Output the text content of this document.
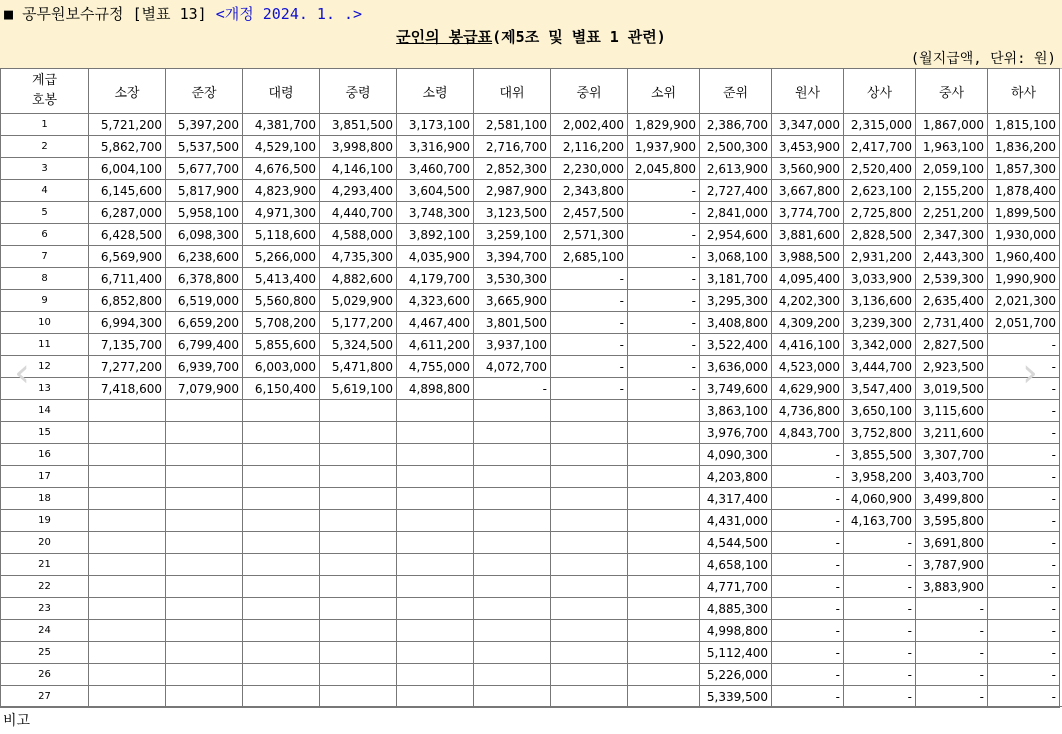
■ 공무원보수규정 [별표 13] <개정 2024. 1. .>
군인의 봉급표(제5조 및 별표 1 관련)
(월지급액, 단위: 원)
계급
호봉	소장	준장	대령	중령	소령	대위	중위	소위	준위	원사	상사	중사	하사
1	5,721,200	5,397,200	4,381,700	3,851,500	3,173,100	2,581,100	2,002,400	1,829,900	2,386,700	3,347,000	2,315,000	1,867,000	1,815,100
2	5,862,700	5,537,500	4,529,100	3,998,800	3,316,900	2,716,700	2,116,200	1,937,900	2,500,300	3,453,900	2,417,700	1,963,100	1,836,200
3	6,004,100	5,677,700	4,676,500	4,146,100	3,460,700	2,852,300	2,230,000	2,045,800	2,613,900	3,560,900	2,520,400	2,059,100	1,857,300
4	6,145,600	5,817,900	4,823,900	4,293,400	3,604,500	2,987,900	2,343,800	-	2,727,400	3,667,800	2,623,100	2,155,200	1,878,400
5	6,287,000	5,958,100	4,971,300	4,440,700	3,748,300	3,123,500	2,457,500	-	2,841,000	3,774,700	2,725,800	2,251,200	1,899,500
6	6,428,500	6,098,300	5,118,600	4,588,000	3,892,100	3,259,100	2,571,300	-	2,954,600	3,881,600	2,828,500	2,347,300	1,930,000
7	6,569,900	6,238,600	5,266,000	4,735,300	4,035,900	3,394,700	2,685,100	-	3,068,100	3,988,500	2,931,200	2,443,300	1,960,400
8	6,711,400	6,378,800	5,413,400	4,882,600	4,179,700	3,530,300	-	-	3,181,700	4,095,400	3,033,900	2,539,300	1,990,900
9	6,852,800	6,519,000	5,560,800	5,029,900	4,323,600	3,665,900	-	-	3,295,300	4,202,300	3,136,600	2,635,400	2,021,300
10	6,994,300	6,659,200	5,708,200	5,177,200	4,467,400	3,801,500	-	-	3,408,800	4,309,200	3,239,300	2,731,400	2,051,700
11	7,135,700	6,799,400	5,855,600	5,324,500	4,611,200	3,937,100	-	-	3,522,400	4,416,100	3,342,000	2,827,500	-
12	7,277,200	6,939,700	6,003,000	5,471,800	4,755,000	4,072,700	-	-	3,636,000	4,523,000	3,444,700	2,923,500	-
13	7,418,600	7,079,900	6,150,400	5,619,100	4,898,800	-	-	-	3,749,600	4,629,900	3,547,400	3,019,500	-
14									3,863,100	4,736,800	3,650,100	3,115,600	-
15									3,976,700	4,843,700	3,752,800	3,211,600	-
16									4,090,300	-	3,855,500	3,307,700	-
17									4,203,800	-	3,958,200	3,403,700	-
18									4,317,400	-	4,060,900	3,499,800	-
19									4,431,000	-	4,163,700	3,595,800	-
20									4,544,500	-	-	3,691,800	-
21									4,658,100	-	-	3,787,900	-
22									4,771,700	-	-	3,883,900	-
23									4,885,300	-	-	-	-
24									4,998,800	-	-	-	-
25									5,112,400	-	-	-	-
26									5,226,000	-	-	-	-
27									5,339,500	-	-	-	-
비고
‹	›
